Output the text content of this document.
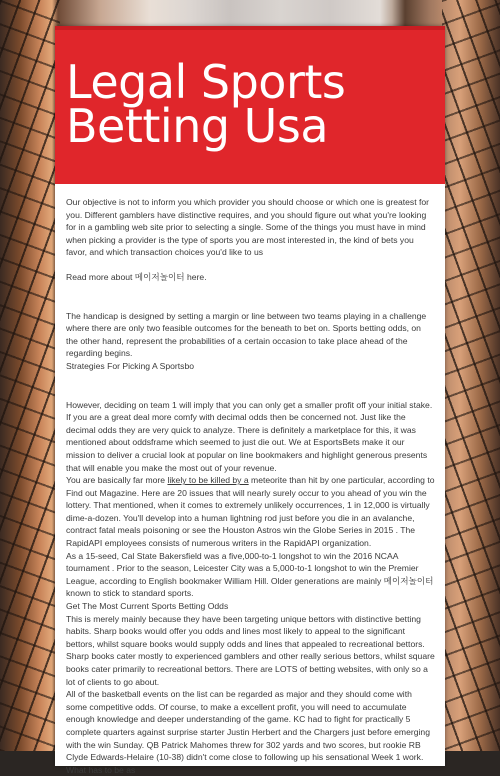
Legal Sports Betting Usa

Our objective is not to inform you which provider you should choose or which one is greatest for you. Different gamblers have distinctive requires, and you should figure out what you're looking for in a gambling web site prior to selecting a single. Some of the things you must have in mind when picking a provider is the type of sports you are most interested in, the kind of bets you favor, and which transaction choices you'd like to us

Read more about 메이저놀이터 here.

The handicap is designed by setting a margin or line between two teams playing in a challenge where there are only two feasible outcomes for the beneath to bet on. Sports betting odds, on the other hand, represent the probabilities of a certain occasion to take place ahead of the regarding begins.

Strategies For Picking A Sportsbo

However, deciding on team 1 will imply that you can only get a smaller profit off your initial stake. If you are a great deal more comfy with decimal odds then be concerned not. Just like the decimal odds they are very quick to analyze. There is definitely a marketplace for this, it was mentioned about oddsframe which seemed to just die out. We at EsportsBets make it our mission to deliver a crucial look at popular on line bookmakers and highlight generous presents that will enable you make the most out of your revenue.

You are basically far more likely to be killed by a meteorite than hit by one particular, according to Find out Magazine. Here are 20 issues that will nearly surely occur to you ahead of you win the lottery. That mentioned, when it comes to extremely unlikely occurrences, 1 in 12,000 is virtually dime-a-dozen. You'll develop into a human lightning rod just before you die in an avalanche, contract fatal meals poisoning or see the Houston Astros win the Globe Series in 2015 . The RapidAPI employees consists of numerous writers in the RapidAPI organization.

As a 15-seed, Cal State Bakersfield was a five,000-to-1 longshot to win the 2016 NCAA tournament . Prior to the season, Leicester City was a 5,000-to-1 longshot to win the Premier League, according to English bookmaker William Hill. Older generations are mainly 메이저놀이터 known to stick to standard sports.

Get The Most Current Sports Betting Odds

This is merely mainly because they have been targeting unique bettors with distinctive betting habits. Sharp books would offer you odds and lines most likely to appeal to the significant bettors, whilst square books would supply odds and lines that appealed to recreational bettors. Sharp books cater mostly to experienced gamblers and other really serious bettors, whilst square books cater primarily to recreational bettors. There are LOTS of betting websites, with only so a lot of clients to go about.

All of the basketball events on the list can be regarded as major and they should come with some competitive odds. Of course, to make a excellent profit, you will need to accumulate enough knowledge and deeper understanding of the game. KC had to fight for practically 5 complete quarters against surprise starter Justin Herbert and the Chargers just before emerging with the win Sunday. QB Patrick Mahomes threw for 302 yards and two scores, but rookie RB Clyde Edwards-Helaire (10-38) didn't come close to following up his sensational Week 1 work. What has to be as
